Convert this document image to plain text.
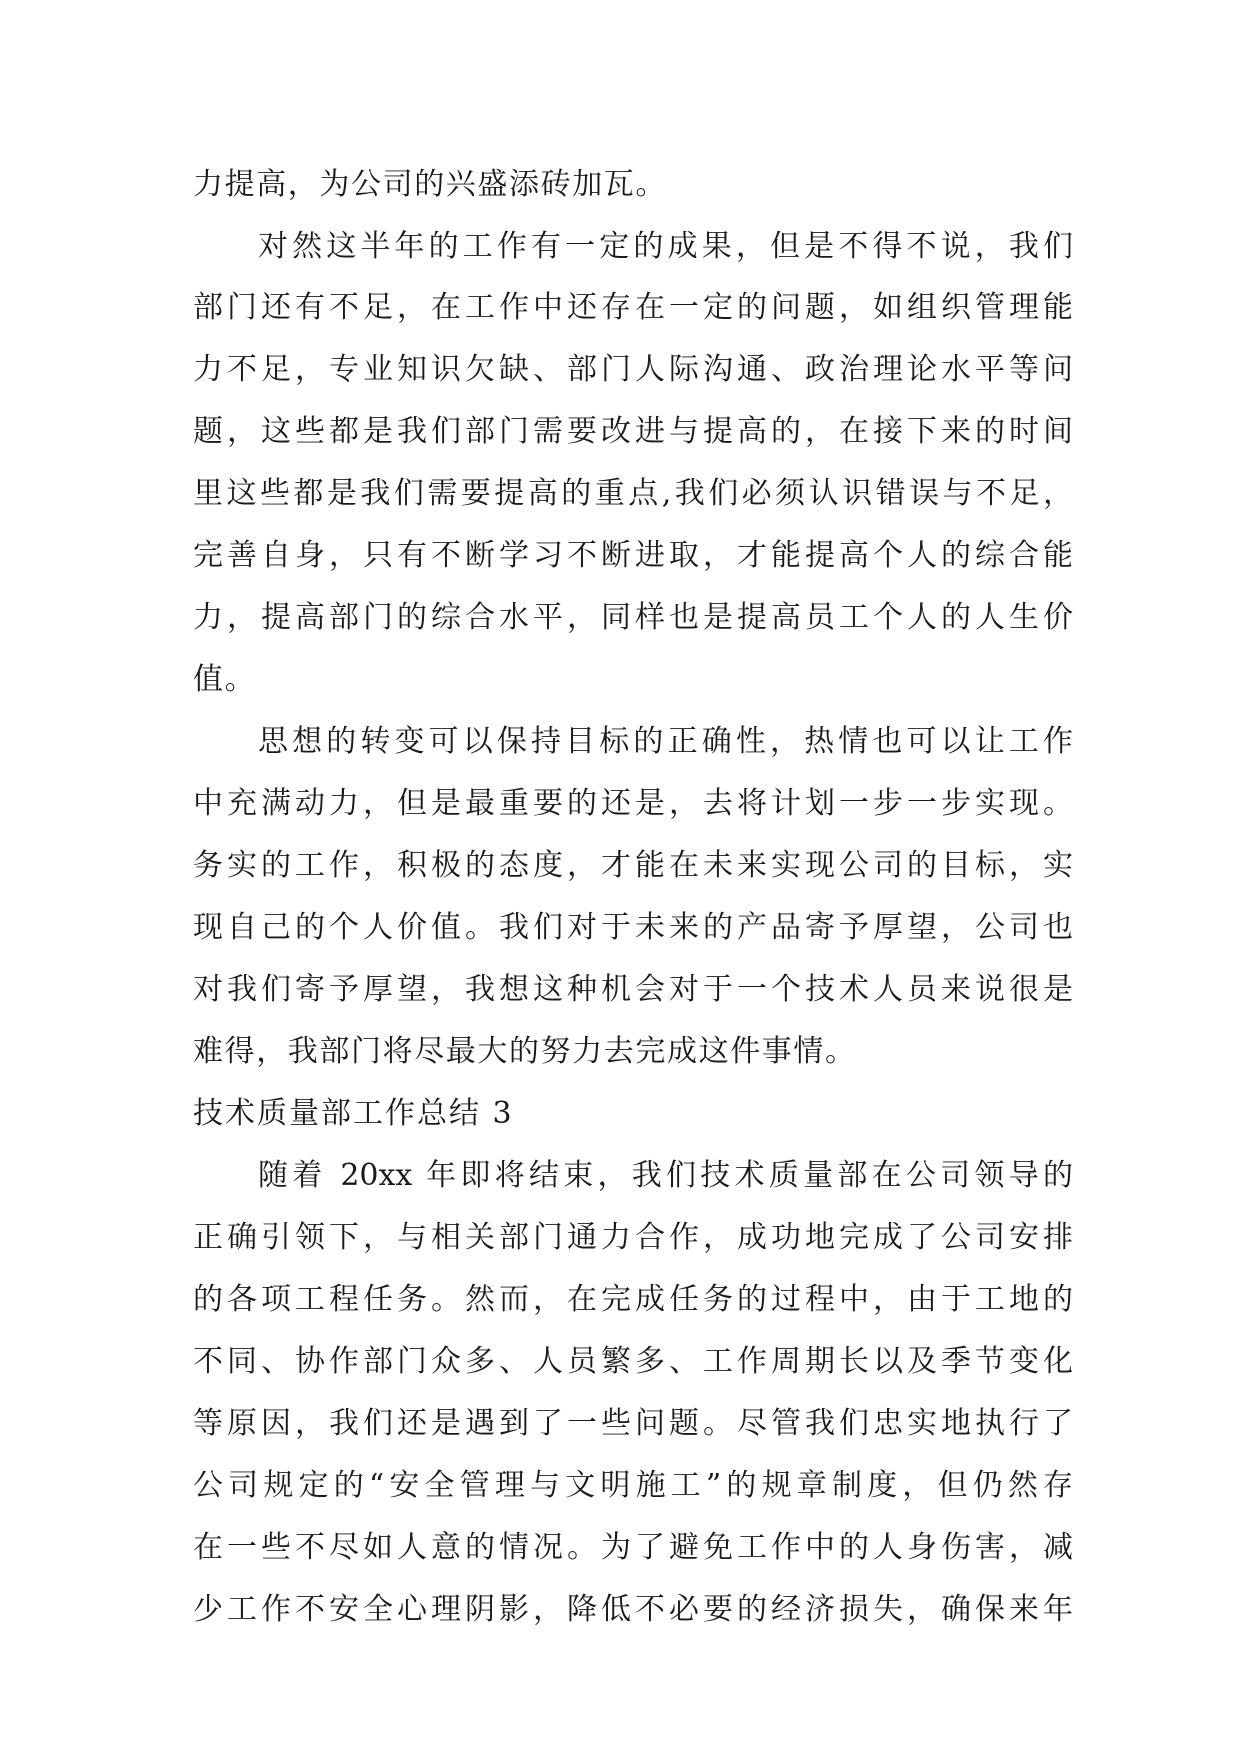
力提高，为公司的兴盛添砖加瓦。
对然这半年的工作有一定的成果，但是不得不说，我们
部门还有不足，在工作中还存在一定的问题，如组织管理能
力不足，专业知识欠缺、部门人际沟通、政治理论水平等问
题，这些都是我们部门需要改进与提高的，在接下来的时间
里这些都是我们需要提高的重点,我们必须认识错误与不足，
完善自身，只有不断学习不断进取，才能提高个人的综合能
力，提高部门的综合水平，同样也是提高员工个人的人生价
值。
思想的转变可以保持目标的正确性，热情也可以让工作
中充满动力，但是最重要的还是，去将计划一步一步实现。
务实的工作，积极的态度，才能在未来实现公司的目标，实
现自己的个人价值。我们对于未来的产品寄予厚望，公司也
对我们寄予厚望，我想这种机会对于一个技术人员来说很是
难得，我部门将尽最大的努力去完成这件事情。
技术质量部工作总结 3
随着 20xx 年即将结束，我们技术质量部在公司领导的
正确引领下，与相关部门通力合作，成功地完成了公司安排
的各项工程任务。然而，在完成任务的过程中，由于工地的
不同、协作部门众多、人员繁多、工作周期长以及季节变化
等原因，我们还是遇到了一些问题。尽管我们忠实地执行了
公司规定的“安全管理与文明施工”的规章制度，但仍然存
在一些不尽如人意的情况。为了避免工作中的人身伤害，减
少工作不安全心理阴影，降低不必要的经济损失，确保来年
